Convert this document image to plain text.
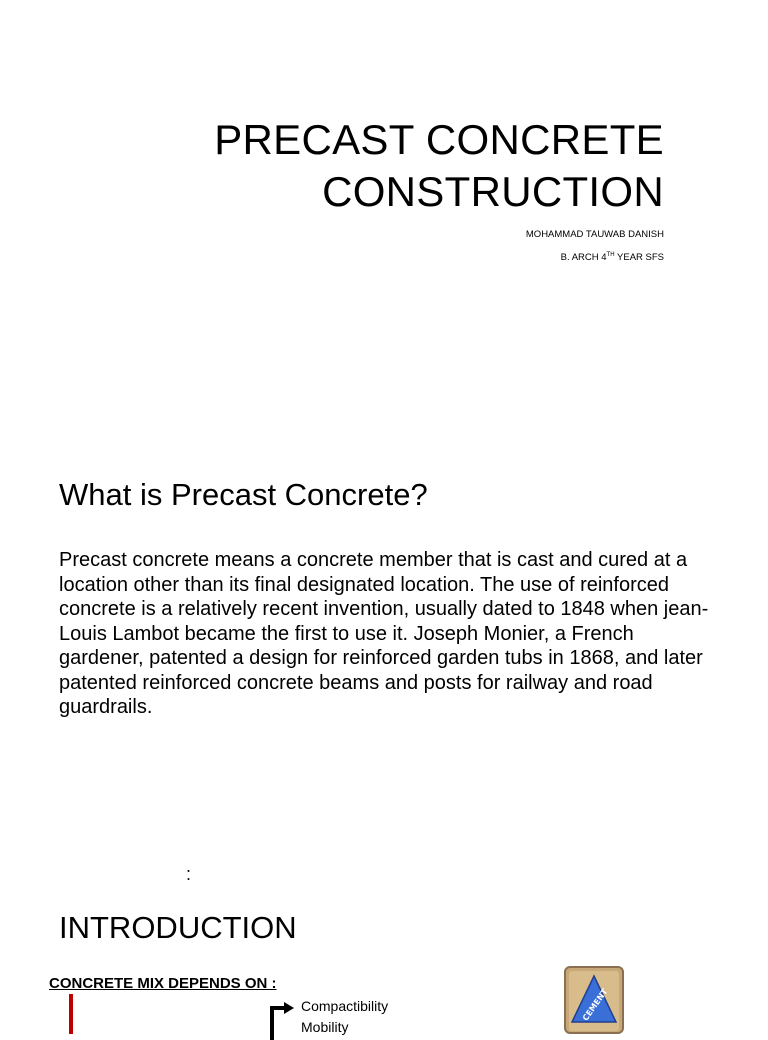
PRECAST CONCRETE
CONSTRUCTION
MOHAMMAD TAUWAB DANISH
B. ARCH 4TH YEAR SFS
What is Precast Concrete?
Precast concrete means a concrete member that is cast and cured at a location other than its final designated location. The use of reinforced concrete is a relatively recent invention, usually dated to 1848 when jean- Louis Lambot became the first to use it. Joseph Monier, a French gardener, patented a design for reinforced garden tubs in 1868, and later patented reinforced concrete beams and posts for railway and road guardrails.
:
INTRODUCTION
CONCRETE MIX DEPENDS ON :
Compactibility
Mobility
CEMENT
